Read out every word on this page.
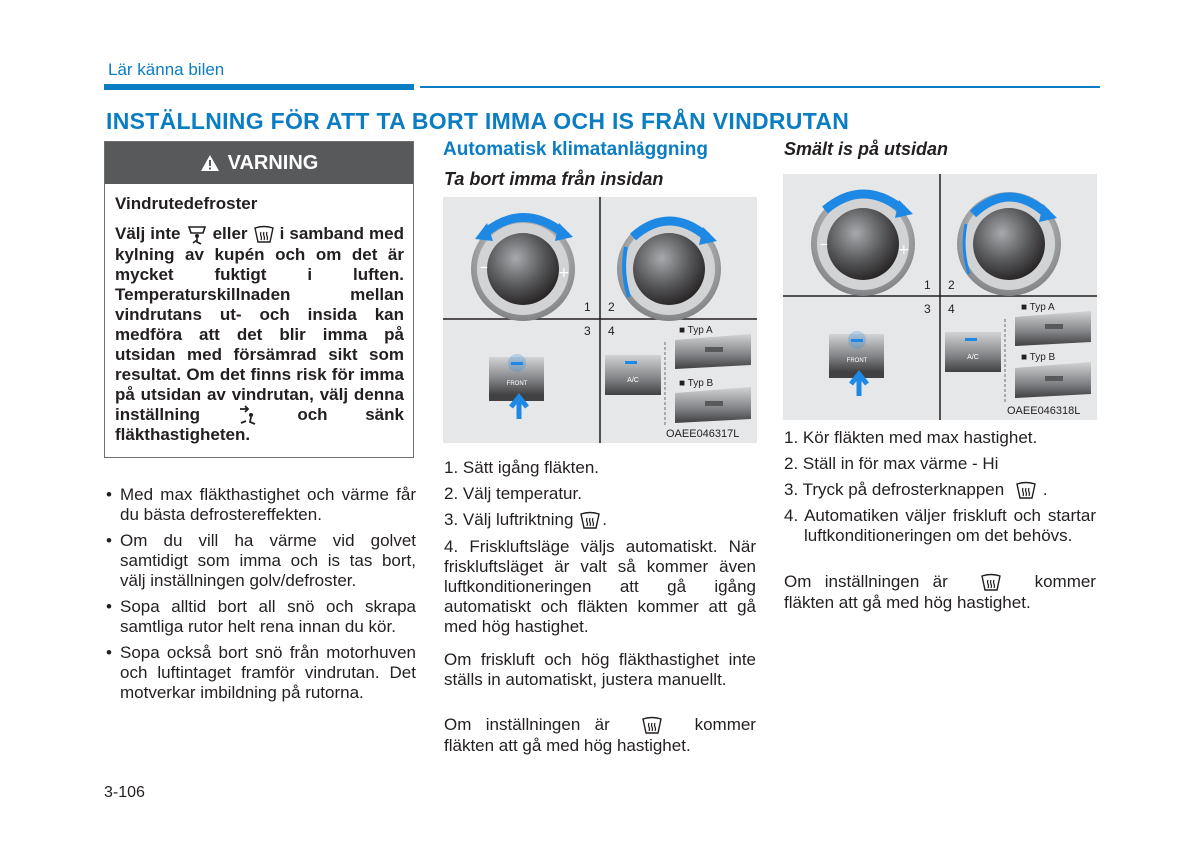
Lär känna bilen
INSTÄLLNING FÖR ATT TA BORT IMMA OCH IS FRÅN VINDRUTAN
VARNING
Vindrutedefroster
Välj inte eller i samband med kylning av kupén och om det är mycket fuktigt i luften. Temperaturskillnaden mellan vindrutans ut- och insida kan medföra att det blir imma på utsidan med försämrad sikt som resultat. Om det finns risk för imma på utsidan av vindrutan, välj denna inställning	och sänk fläkthastigheten.
• Med max fläkthastighet och värme får du bästa defrostereffekten.
• Om du vill ha värme vid golvet samtidigt som imma och is tas bort, välj inställningen golv/defroster.
• Sopa alltid bort all snö och skrapa samtliga rutor helt rena innan du kör.
• Sopa också bort snö från motorhuven och luftintaget framför vindrutan. Det motverkar imbildning på rutorna.
Automatisk klimatanläggning
Ta bort imma från insidan
–	+
1 2
3 4
FRONT	A/C
■ Typ A
■ Typ B
OAEE046317L
1. Sätt igång fläkten.
2. Välj temperatur.
3. Välj luftriktning .

4. Friskluftsläge väljs automatiskt. När friskluftsläget är valt så kommer även luftkonditioneringen att gå igång automatiskt och fläkten kommer att gå med hög hastighet.

Om friskluft och hög fläkthastighet inte ställs in automatiskt, justera manuellt.

Om inställningen är	kommer fläkten att gå med hög hastighet.

Smält is på utsidan
–	+
1 2
3 4
FRONT	A/C
■ Typ A
■ Typ B
OAEE046318L
1. Kör fläkten med max hastighet.
2. Ställ in för max värme - Hi
3. Tryck på defrosterknappen .

4. Automatiken väljer friskluft och startar luftkonditioneringen om det behövs.

Om inställningen är	kommer fläkten att gå med hög hastighet.

3-106
